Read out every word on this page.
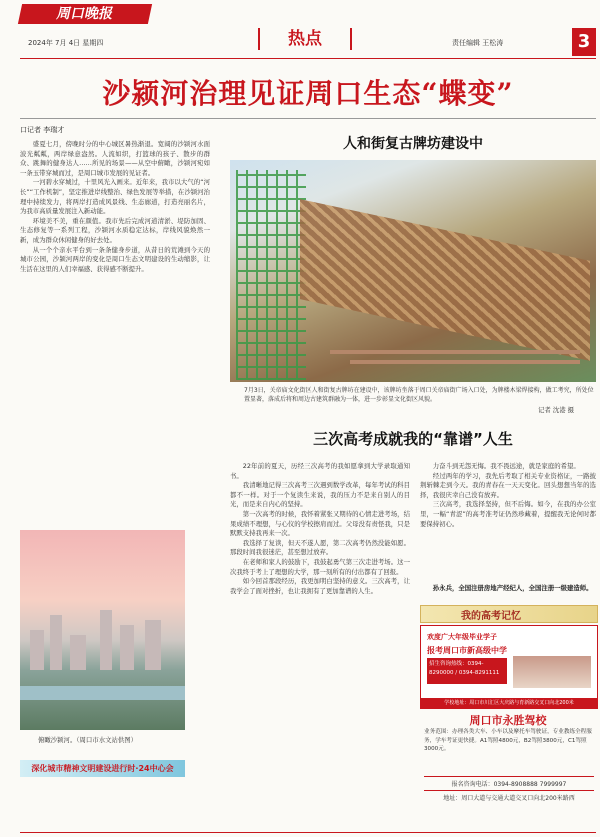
周口晚报
2024年 7月 4日 星期四	热点	责任编辑 王松涛	3
沙颍河治理见证周口生态“蝶变”
口记者 李瑞才

盛夏七月，傍晚时分的中心城区暑热渐退。宽阔的沙颍河水面波光粼粼，两岸绿意盎然。人流如织，打篮球的孩子、散步的群众、跳舞的健身达人……所见的场景——从空中俯瞰，沙颍河宛如一条玉带穿城而过，是周口城市发展的见证者。

一河碧水穿城过，十里风光入画来。近年来，我市以大气的“河长”“工作机制”，坚定推进岸线整治、绿色发展等举措，在沙颍河治理中持续发力，将两岸打造成风景线、生态廊道，打造亮丽名片，为我市高质量发展注入新动能。

环境美不美，重在颜值。我市先后完成河道清淤、堤防加固、生态修复等一系列工程，沙颍河水质稳定达标，岸线风貌焕然一新，成为群众休闲健身的好去处。

从一个个亲水平台到一条条健身步道，从昔日的荒滩到今天的城市公园，沙颍河两岸的变化是周口生态文明建设的生动缩影，让生活在这里的人们幸福感、获得感不断提升。

俯瞰沙颍河。（周口市水文站供图）
深化城市精神文明建设进行时·24中心会
人和街复古牌坊建设中
7月3日，关帝庙文化街区人和街复古牌坊在建设中，该牌坊坐落于周口关帝庙街广场入口处，为牌楼木梁焊接构，做工考究，所处位置显著，落成后将和周边古建筑群融为一体，进一步彰显文化街区风貌。
记者 沈港 摄
三次高考成就我的“靠谱”人生

22年前的夏天，历经三次高考的我如愿拿到大学录取通知书。

我清晰地记得三次高考三次遇到数学改革，每年考试的科目都不一样。对于一个复读生来说，我的压力不是来自别人的目光，而是来自内心的坚持。

第一次高考的时候，我怀着紧张又期待的心情走进考场，结果成绩不理想，与心仪的学校擦肩而过。父母没有责怪我，只是默默支持我再来一次。

我选择了复读，但天不遂人愿，第二次高考仍然没能如愿。那段时间我很迷茫，甚至想过放弃。

在老师和家人的鼓励下，我鼓起勇气第三次走进考场。这一次我终于考上了理想的大学，那一刻所有的付出都有了回报。

如今回首那段经历，我更加明白坚持的意义。三次高考，让我学会了面对挫折，也让我拥有了更加靠谱的人生。

力奋斗到无怨无悔。我不畏远途，就是家庭的希望。

经过两年的学习，我先后考取了相关专业资格证，一路披荆斩棘走到今天。我的青春在一天天变化。回头想想当年的选择，我很庆幸自己没有放弃。

三次高考，我选择坚持，但不后悔。如今，在我的办公室里，一幅“青涩”的高考准考证仍然珍藏着，提醒我无论何时都要保持初心。

孙永兵，全国注册房地产经纪人，全国注册一级建造师。
我的高考记忆
欢度广大年级毕业学子
报考周口市新高级中学
招生咨询热线：0394-8290000 / 0394-8291111
学校地址：周口市川汇区大庆路与育新路交叉口向北200米
周口市永胜驾校
业务范围：办理各类大车、小车以及摩托车驾驶证，专业教练全程服务，学车考证更快捷。A1驾照4800元，B2驾照3800元，C1驾照3000元。
报名咨询电话：0394-8908888 7999997
地址：周口大道与交通大道交叉口向北200米路西
